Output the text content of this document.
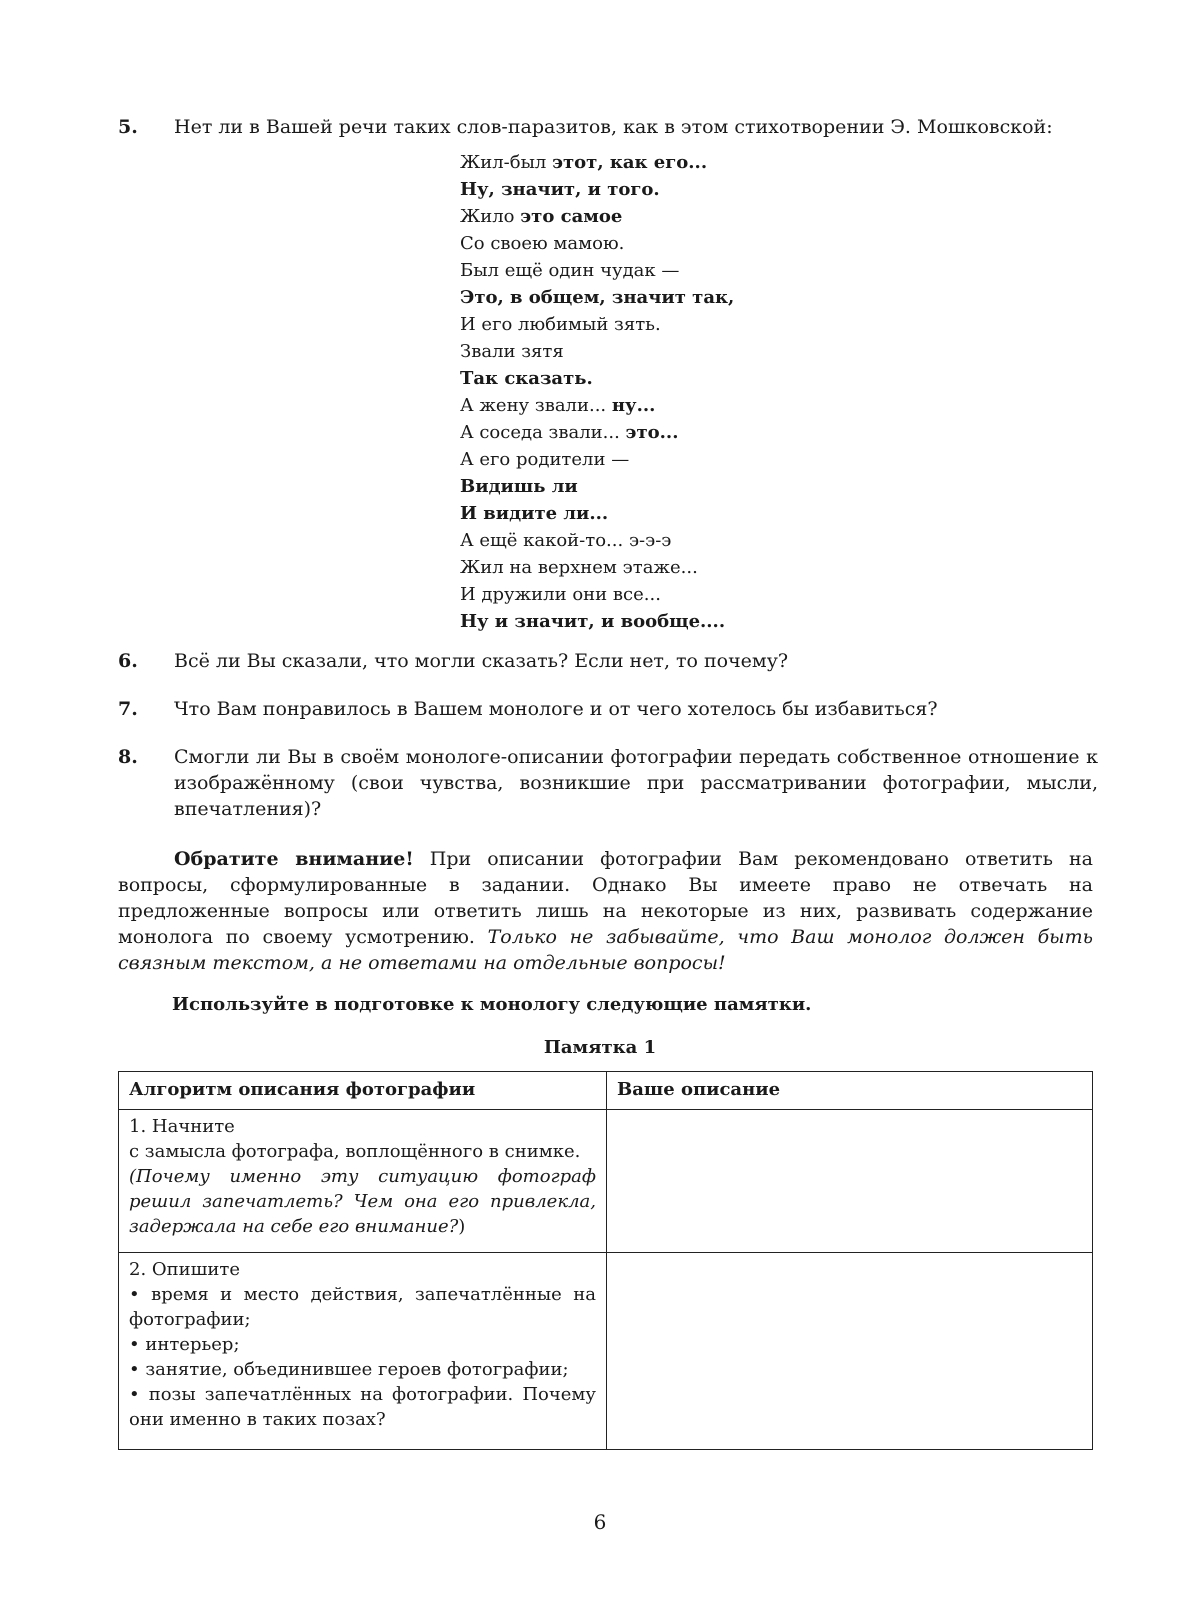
5. Нет ли в Вашей речи таких слов-паразитов, как в этом стихотворении Э. Мошковской:
Жил-был этот, как его...
Ну, значит, и того.
Жило это самое
Со своею мамою.
Был ещё один чудак —
Это, в общем, значит так,
И его любимый зять.
Звали зятя
Так сказать.
А жену звали... ну...
А соседа звали... это...
А его родители —
Видишь ли
И видите ли...
А ещё какой-то... э-э-э
Жил на верхнем этаже...
И дружили они все...
Ну и значит, и вообще....
6. Всё ли Вы сказали, что могли сказать? Если нет, то почему?
7. Что Вам понравилось в Вашем монологе и от чего хотелось бы избавиться?
8. Смогли ли Вы в своём монологе-описании фотографии передать собственное отношение к изображённому (свои чувства, возникшие при рассматривании фотографии, мысли, впечатления)?
Обратите внимание! При описании фотографии Вам рекомендовано ответить на вопросы, сформулированные в задании. Однако Вы имеете право не отвечать на предложенные вопросы или ответить лишь на некоторые из них, развивать содержание монолога по своему усмотрению. Только не забывайте, что Ваш монолог должен быть связным текстом, а не ответами на отдельные вопросы!
Используйте в подготовке к монологу следующие памятки.
Памятка 1
Алгоритм описания фотографии	Ваше описание

1. Начните
с замысла фотографа, воплощённого в снимке.
(Почему именно эту ситуацию фотограф решил запечатлеть? Чем она его привлекла, задержала на себе его внимание?)	

2. Опишите
• время и место действия, запечатлённые на фотографии;
• интерьер;
• занятие, объединившее героев фотографии;
• позы запечатлённых на фотографии. Почему они именно в таких позах?	

6
